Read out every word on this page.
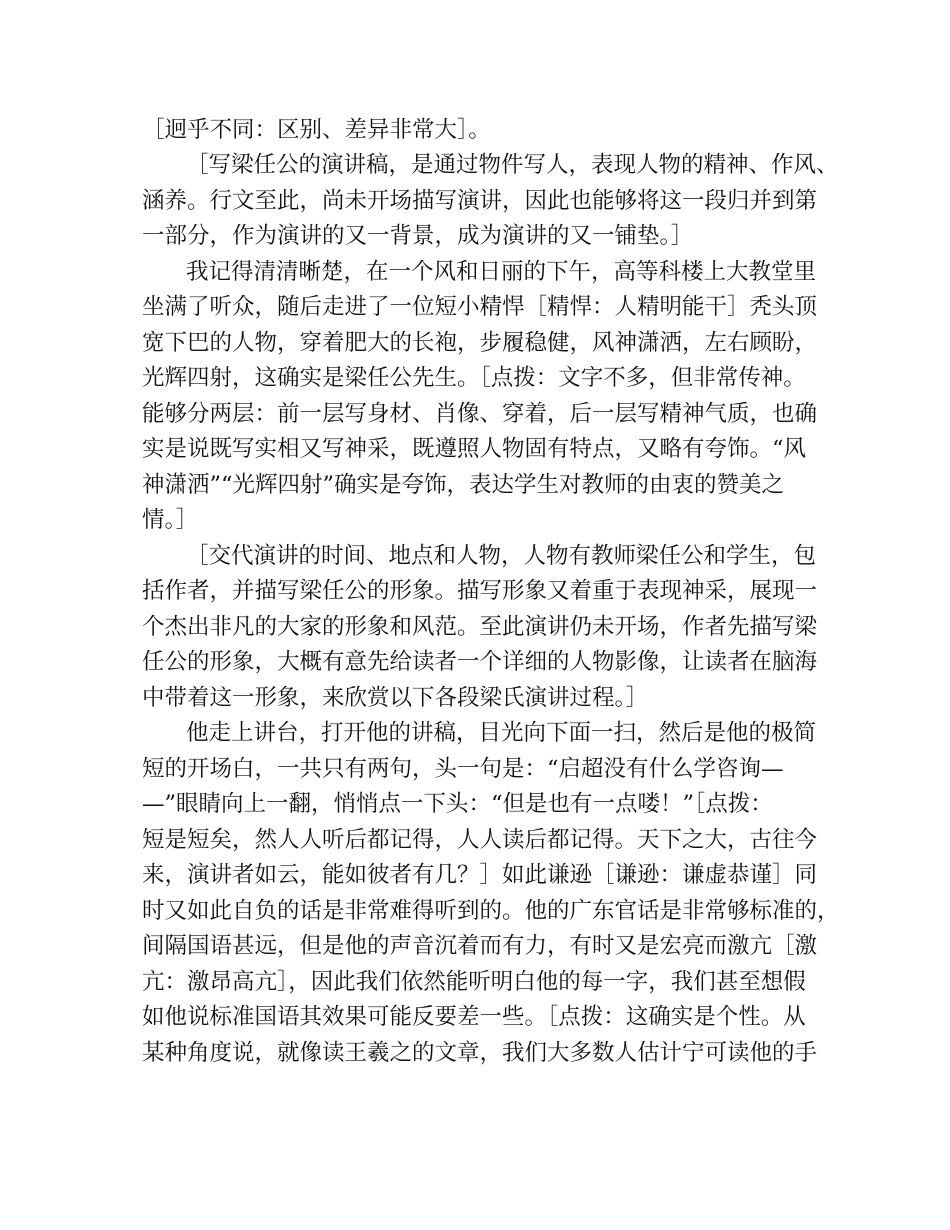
［迥乎不同：区别、差异非常大］。
［写梁任公的演讲稿，是通过物件写人，表现人物的精神、作风、
涵养。行文至此，尚未开场描写演讲，因此也能够将这一段归并到第
一部分，作为演讲的又一背景，成为演讲的又一铺垫。］
我记得清清晰楚，在一个风和日丽的下午，高等科楼上大教堂里
坐满了听众，随后走进了一位短小精悍［精悍：人精明能干］秃头顶
宽下巴的人物，穿着肥大的长袍，步履稳健，风神潇洒，左右顾盼，
光辉四射，这确实是梁任公先生。［点拨：文字不多，但非常传神。
能够分两层：前一层写身材、肖像、穿着，后一层写精神气质，也确
实是说既写实相又写神采，既遵照人物固有特点，又略有夸饰。“风
神潇洒”“光辉四射”确实是夸饰，表达学生对教师的由衷的赞美之
情。］
［交代演讲的时间、地点和人物，人物有教师梁任公和学生，包
括作者，并描写梁任公的形象。描写形象又着重于表现神采，展现一
个杰出非凡的大家的形象和风范。至此演讲仍未开场，作者先描写梁
任公的形象，大概有意先给读者一个详细的人物影像，让读者在脑海
中带着这一形象，来欣赏以下各段梁氏演讲过程。］
他走上讲台，打开他的讲稿，目光向下面一扫，然后是他的极简
短的开场白，一共只有两句，头一句是：“启超没有什么学咨询—
—”眼睛向上一翻，悄悄点一下头：“但是也有一点喽！”［点拨：
短是短矣，然人人听后都记得，人人读后都记得。天下之大，古往今
来，演讲者如云，能如彼者有几？］如此谦逊［谦逊：谦虚恭谨］同
时又如此自负的话是非常难得听到的。他的广东官话是非常够标准的，
间隔国语甚远，但是他的声音沉着而有力，有时又是宏亮而激亢［激
亢：激昂高亢］，因此我们依然能听明白他的每一字，我们甚至想假
如他说标准国语其效果可能反要差一些。［点拨：这确实是个性。从
某种角度说，就像读王羲之的文章，我们大多数人估计宁可读他的手
